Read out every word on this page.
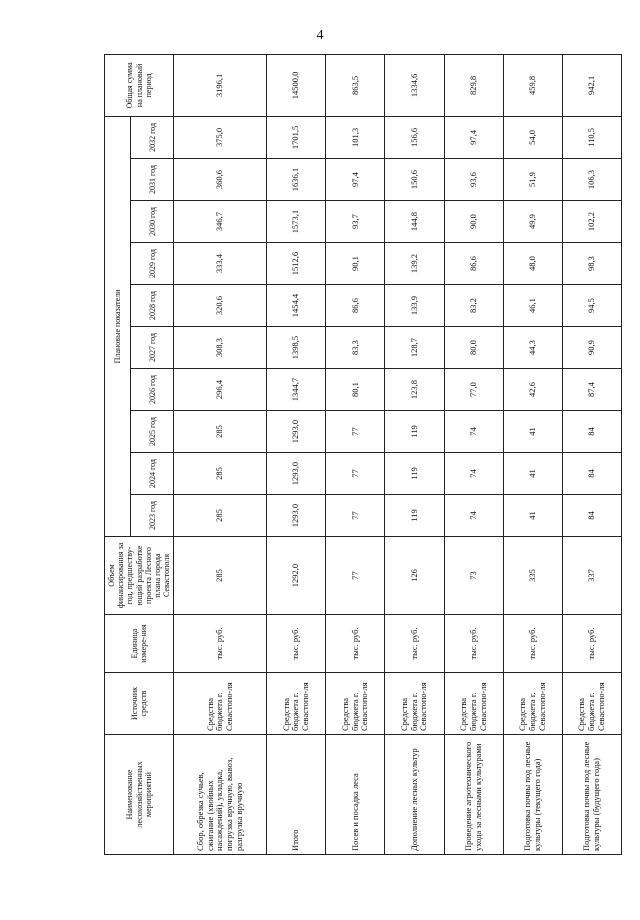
4
Наименование лесохозяйственных мероприятий	Источник средств	Единица измере-ния	Объем финансирования за год, предшеству-ющий разработке проекта Лесного плана города Севастополя	Плановые показатели										Общая сумма на плановый период
				2023 год	2024 год	2025 год	2026 год	2027 год	2028 год	2029 год	2030 год	2031 год	2032 год	
Сбор, обрезка сучьев, сжигание (хвойных насаждений), укладка, погрузка вручную, вывоз, разгрузка вручную	Средства бюджета г. Севастопо-ля	тыс. руб.	285	285	285	285	296,4	308,3	320,6	333,4	346,7	360,6	375,0	3196,1
Итого	Средства бюджета г. Севастопо-ля	тыс. руб.	1292,0	1293,0	1293,0	1293,0	1344,7	1398,5	1454,4	1512,6	1573,1	1636,1	1701,5	14500,0
Посев и посадка леса	Средства бюджета г. Севастопо-ля	тыс. руб.	77	77	77	77	80,1	83,3	86,6	90,1	93,7	97,4	101,3	863,5
Дополнение лесных культур	Средства бюджета г. Севастопо-ля	тыс. руб.	126	119	119	119	123,8	128,7	133,9	139,2	144,8	150,6	156,6	1334,6
Проведение агротехнического ухода за лесными культурами	Средства бюджета г. Севастопо-ля	тыс. руб.	73	74	74	74	77,0	80,0	83,2	86,6	90,0	93,6	97,4	829,8
Подготовка почвы под лесные культуры (текущего года)	Средства бюджета г. Севастопо-ля	тыс. руб.	335	41	41	41	42,6	44,3	46,1	48,0	49,9	51,9	54,0	459,8
Подготовка почвы под лесные культуры (будущего года)	Средства бюджета г. Севастопо-ля	тыс. руб.	337	84	84	84	87,4	90,9	94,5	98,3	102,2	106,3	110,5	942,1
